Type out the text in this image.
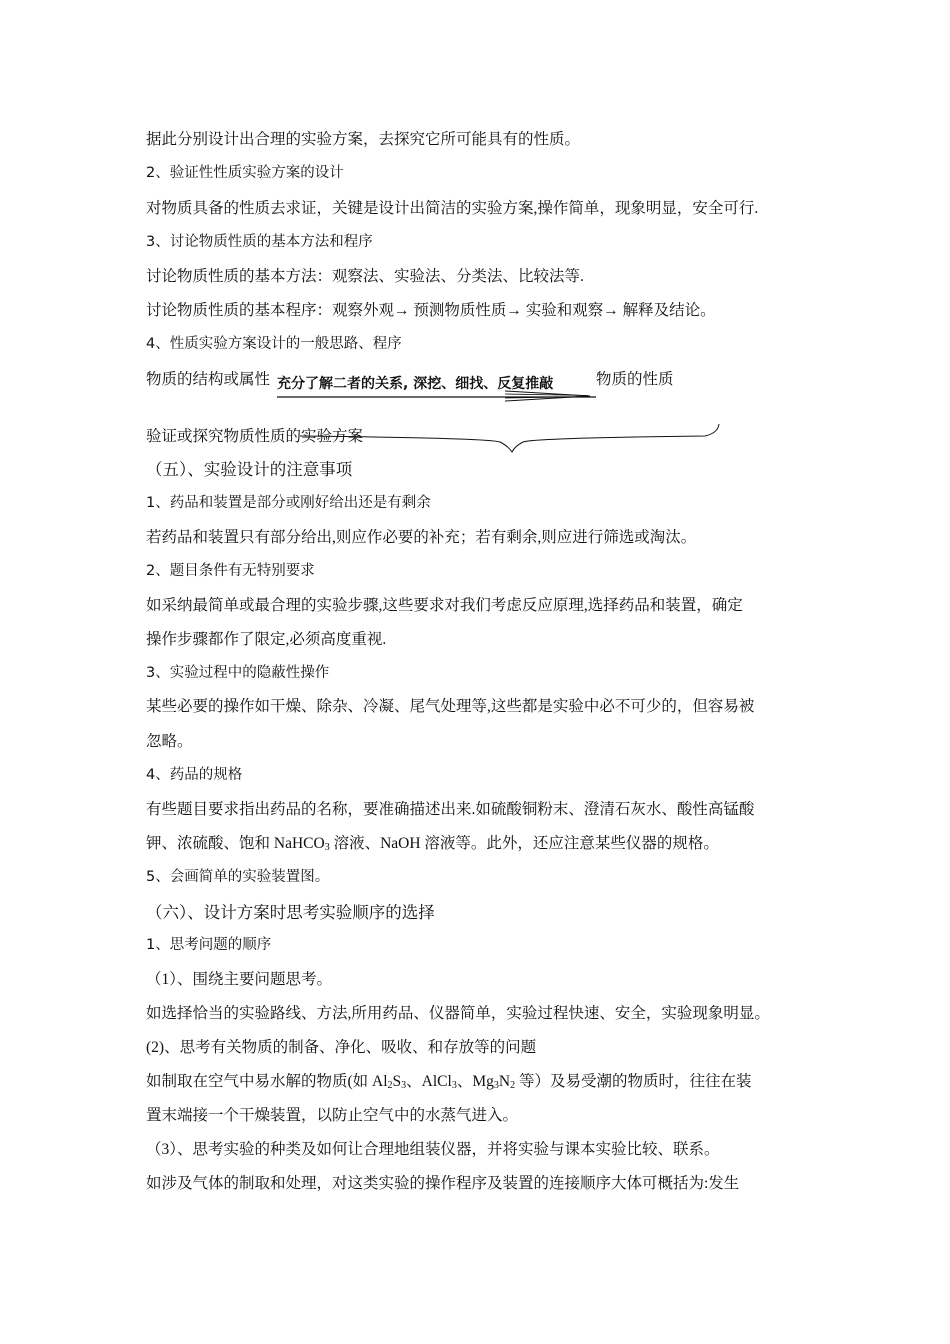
据此分别设计出合理的实验方案，去探究它所可能具有的性质。
2、验证性性质实验方案的设计
对物质具备的性质去求证，关键是设计出简洁的实验方案,操作简单，现象明显，安全可行.
3、讨论物质性质的基本方法和程序
讨论物质性质的基本方法：观察法、实验法、分类法、比较法等.
讨论物质性质的基本程序：观察外观→ 预测物质性质→ 实验和观察→ 解释及结论。
4、性质实验方案设计的一般思路、程序
物质的结构或属性 充分了解二者的关系, 深挖、细找、反复推敲	物质的性质
验证或探究物质性质的实验方案
（五）、实验设计的注意事项
1、药品和装置是部分或刚好给出还是有剩余
若药品和装置只有部分给出,则应作必要的补充；若有剩余,则应进行筛选或淘汰。
2、题目条件有无特别要求
如采纳最简单或最合理的实验步骤,这些要求对我们考虑反应原理,选择药品和装置，确定
操作步骤都作了限定,必须高度重视.
3、实验过程中的隐蔽性操作
某些必要的操作如干燥、除杂、冷凝、尾气处理等,这些都是实验中必不可少的，但容易被
忽略。
4、药品的规格
有些题目要求指出药品的名称，要准确描述出来.如硫酸铜粉末、澄清石灰水、酸性高锰酸
钾、浓硫酸、饱和 NaHCO$_3$ 溶液、NaOH 溶液等。此外，还应注意某些仪器的规格。
5、会画简单的实验装置图。
（六）、设计方案时思考实验顺序的选择
1、思考问题的顺序
（1）、围绕主要问题思考。
如选择恰当的实验路线、方法,所用药品、仪器简单，实验过程快速、安全，实验现象明显。
(2)、思考有关物质的制备、净化、吸收、和存放等的问题
如制取在空气中易水解的物质(如 $Al_2S_3$、AlCl$_3$、$Mg_3N_2$ 等）及易受潮的物质时，往往在装
置末端接一个干燥装置，以防止空气中的水蒸气进入。
（3）、思考实验的种类及如何让合理地组装仪器，并将实验与课本实验比较、联系。
如涉及气体的制取和处理，对这类实验的操作程序及装置的连接顺序大体可概括为:发生
